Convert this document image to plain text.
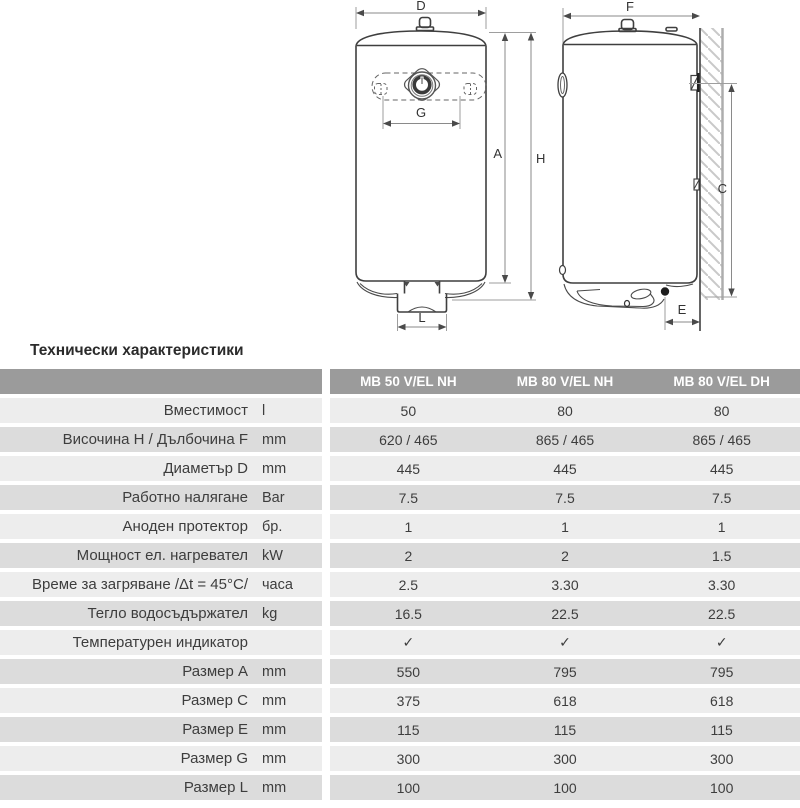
D
G
L
A	H
F
C
E
Технически характеристики
MB 50 V/EL NH	MB 80 V/EL NH	MB 80 V/EL DH
Вместимост l	50	80	80
Височина H / Дълбочина F mm	620 / 465	865 / 465	865 / 465
Диаметър D mm	445	445	445
Работно налягане Bar	7.5	7.5	7.5
Аноден протектор бр.	1	1	1
Мощност ел. нагревател kW	2	2	1.5
Време за загряване /Δt = 45°C/ часа	2.5	3.30	3.30
Тегло водосъдържател kg	16.5	22.5	22.5
Температурен индикатор	✓	✓	✓
Размер A mm	550	795	795
Размер C mm	375	618	618
Размер E mm	115	115	115
Размер G mm	300	300	300
Размер L mm	100	100	100
